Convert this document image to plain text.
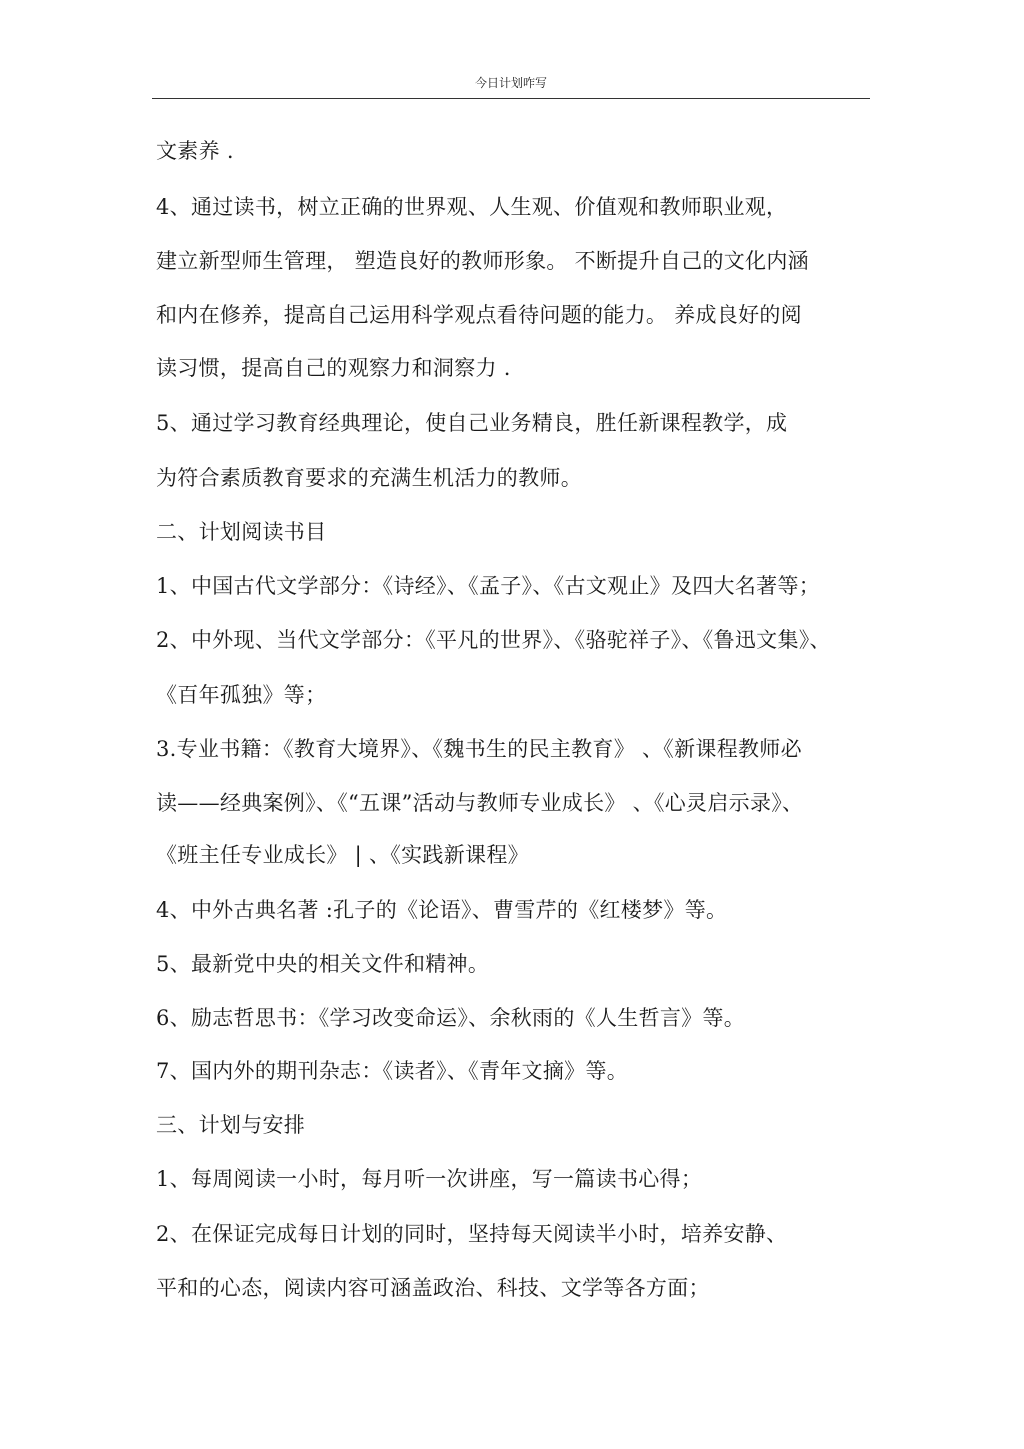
今日计划咋写
文素养 .
4、通过读书，树立正确的世界观、人生观、价值观和教师职业观，
建立新型师生管理， 塑造良好的教师形象。 不断提升自己的文化内涵
和内在修养，提高自己运用科学观点看待问题的能力。 养成良好的阅
读习惯，提高自己的观察力和洞察力 .
5、通过学习教育经典理论，使自己业务精良，胜任新课程教学，成
为符合素质教育要求的充满生机活力的教师。
二、计划阅读书目
1、中国古代文学部分：《诗经》、《孟子》、《古文观止》及四大名著等；
2、中外现、当代文学部分：《平凡的世界》、《骆驼祥子》、《鲁迅文集》、
《百年孤独》等；
3.专业书籍：《教育大境界》、《魏书生的民主教育》 、《新课程教师必
读——经典案例》、《“五课”活动与教师专业成长》 、《心灵启示录》、
《班主任专业成长》 | 、《实践新课程》
4、中外古典名著 :孔子的《论语》、曹雪芹的《红楼梦》等。
5、最新党中央的相关文件和精神。
6、励志哲思书：《学习改变命运》、余秋雨的《人生哲言》等。
7、国内外的期刊杂志：《读者》、《青年文摘》等。
三、计划与安排
1、每周阅读一小时，每月听一次讲座，写一篇读书心得；
2、在保证完成每日计划的同时，坚持每天阅读半小时，培养安静、
平和的心态，阅读内容可涵盖政治、科技、文学等各方面；
